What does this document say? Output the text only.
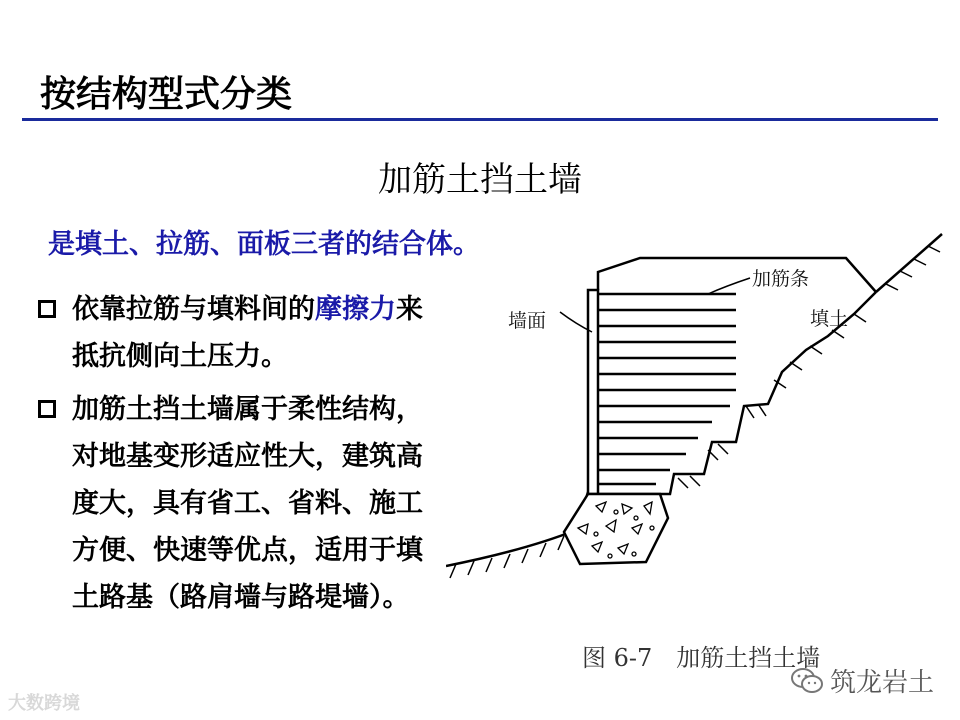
按结构型式分类
加筋土挡土墙
是填土、拉筋、面板三者的结合体。
依靠拉筋与填料间的摩擦力来抵抗侧向土压力。
加筋土挡土墙属于柔性结构，对地基变形适应性大，建筑高度大，具有省工、省料、施工方便、快速等优点，适用于填土路基（路肩墙与路堤墙）。
加筋条
填土
墙面
图 6-7　加筋土挡土墙
大数跨境
筑龙岩土
